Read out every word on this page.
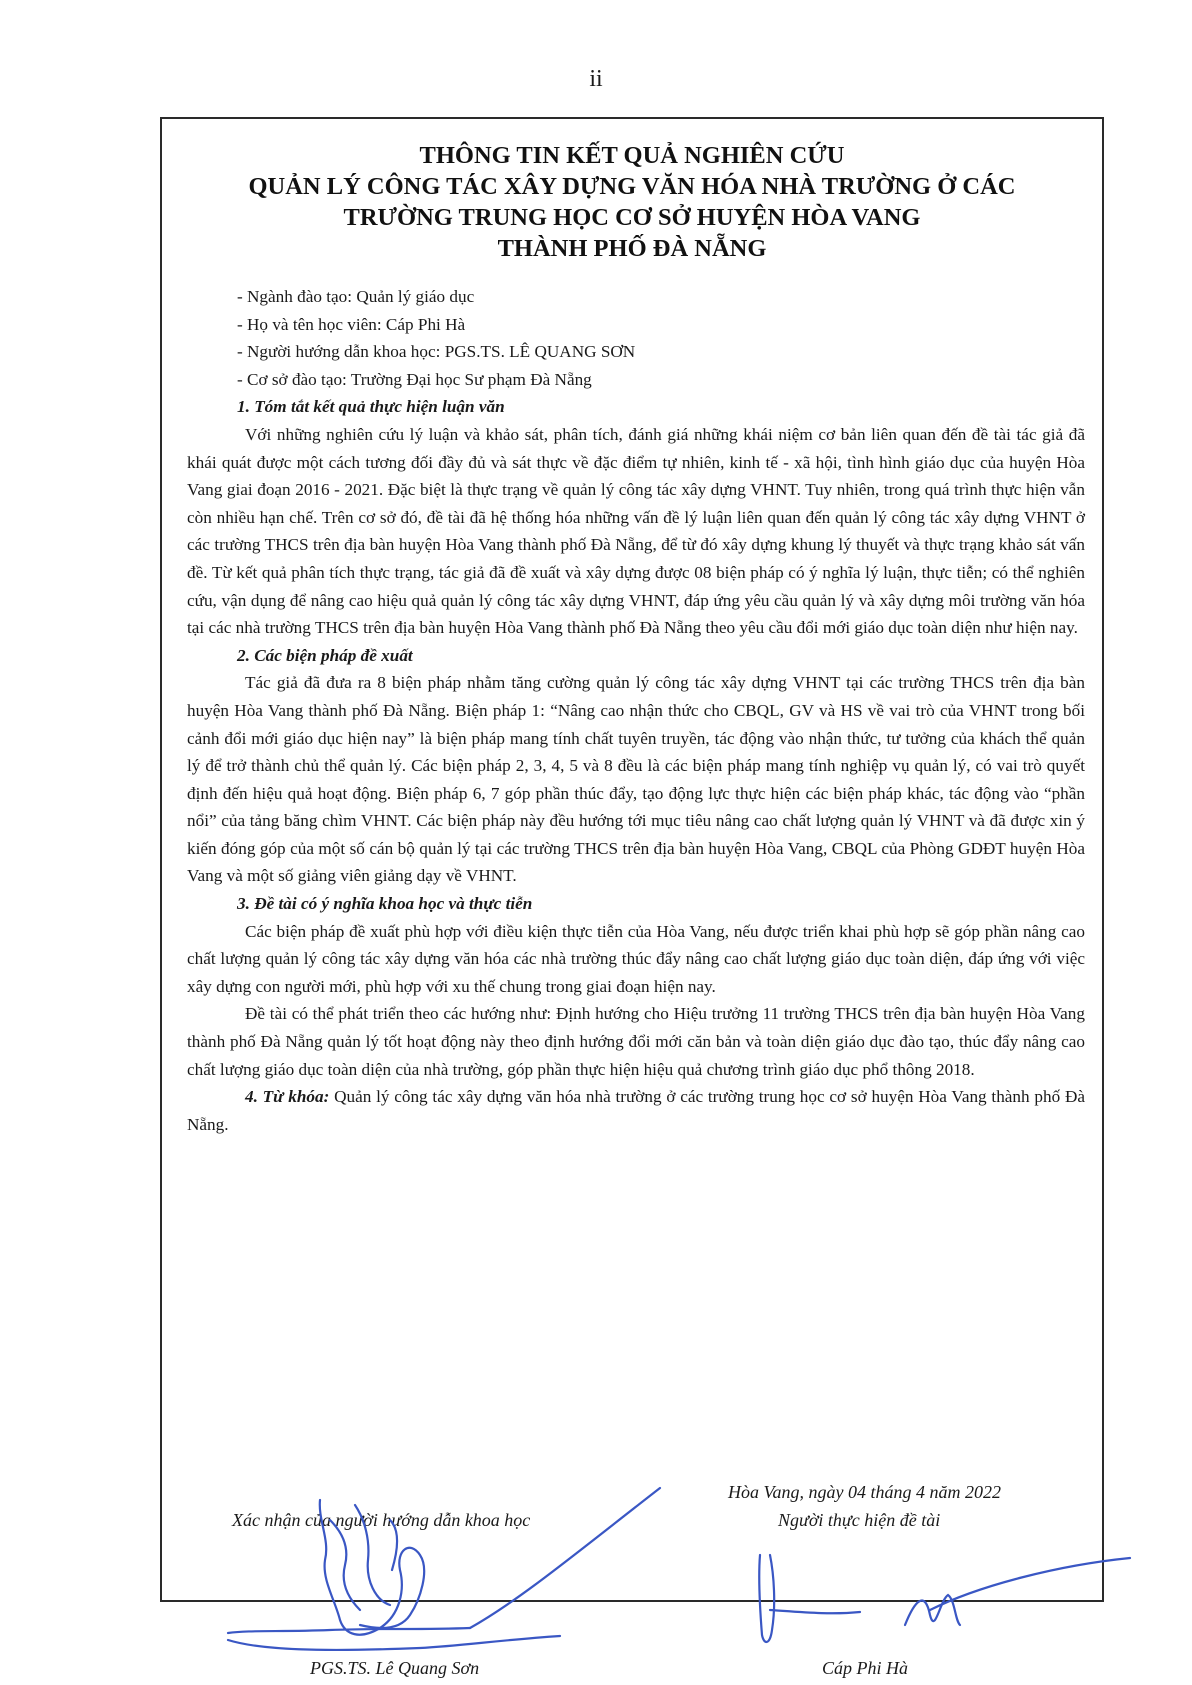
ii
THÔNG TIN KẾT QUẢ NGHIÊN CỨU
QUẢN LÝ CÔNG TÁC XÂY DỰNG VĂN HÓA NHÀ TRƯỜNG Ở CÁC
TRƯỜNG TRUNG HỌC CƠ SỞ HUYỆN HÒA VANG
THÀNH PHỐ ĐÀ NẴNG

- Ngành đào tạo: Quản lý giáo dục

- Họ và tên học viên: Cáp Phi Hà

- Người hướng dẫn khoa học: PGS.TS. LÊ QUANG SƠN

- Cơ sở đào tạo: Trường Đại học Sư phạm Đà Nẵng

1. Tóm tắt kết quả thực hiện luận văn

Với những nghiên cứu lý luận và khảo sát, phân tích, đánh giá những khái niệm cơ bản liên quan đến đề tài tác giả đã khái quát được một cách tương đối đầy đủ và sát thực về đặc điểm tự nhiên, kinh tế - xã hội, tình hình giáo dục của huyện Hòa Vang giai đoạn 2016 - 2021. Đặc biệt là thực trạng về quản lý công tác xây dựng VHNT. Tuy nhiên, trong quá trình thực hiện vẫn còn nhiều hạn chế. Trên cơ sở đó, đề tài đã hệ thống hóa những vấn đề lý luận liên quan đến quản lý công tác xây dựng VHNT ở các trường THCS trên địa bàn huyện Hòa Vang thành phố Đà Nẵng, để từ đó xây dựng khung lý thuyết và thực trạng khảo sát vấn đề. Từ kết quả phân tích thực trạng, tác giả đã đề xuất và xây dựng được 08 biện pháp có ý nghĩa lý luận, thực tiễn; có thể nghiên cứu, vận dụng để nâng cao hiệu quả quản lý công tác xây dựng VHNT, đáp ứng yêu cầu quản lý và xây dựng môi trường văn hóa tại các nhà trường THCS trên địa bàn huyện Hòa Vang thành phố Đà Nẵng theo yêu cầu đổi mới giáo dục toàn diện như hiện nay.

2. Các biện pháp đề xuất

Tác giả đã đưa ra 8 biện pháp nhằm tăng cường quản lý công tác xây dựng VHNT tại các trường THCS trên địa bàn huyện Hòa Vang thành phố Đà Nẵng. Biện pháp 1: “Nâng cao nhận thức cho CBQL, GV và HS về vai trò của VHNT trong bối cảnh đổi mới giáo dục hiện nay” là biện pháp mang tính chất tuyên truyền, tác động vào nhận thức, tư tưởng của khách thể quản lý để trở thành chủ thể quản lý. Các biện pháp 2, 3, 4, 5 và 8 đều là các biện pháp mang tính nghiệp vụ quản lý, có vai trò quyết định đến hiệu quả hoạt động. Biện pháp 6, 7 góp phần thúc đẩy, tạo động lực thực hiện các biện pháp khác, tác động vào “phần nổi” của tảng băng chìm VHNT. Các biện pháp này đều hướng tới mục tiêu nâng cao chất lượng quản lý VHNT và đã được xin ý kiến đóng góp của một số cán bộ quản lý tại các trường THCS trên địa bàn huyện Hòa Vang, CBQL của Phòng GDĐT huyện Hòa Vang và một số giảng viên giảng dạy về VHNT.

3. Đề tài có ý nghĩa khoa học và thực tiễn

Các biện pháp đề xuất phù hợp với điều kiện thực tiễn của Hòa Vang, nếu được triển khai phù hợp sẽ góp phần nâng cao chất lượng quản lý công tác xây dựng văn hóa các nhà trường thúc đẩy nâng cao chất lượng giáo dục toàn diện, đáp ứng với việc xây dựng con người mới, phù hợp với xu thế chung trong giai đoạn hiện nay.

Đề tài có thể phát triển theo các hướng như: Định hướng cho Hiệu trưởng 11 trường THCS trên địa bàn huyện Hòa Vang thành phố Đà Nẵng quản lý tốt hoạt động này theo định hướng đổi mới căn bản và toàn diện giáo dục đào tạo, thúc đẩy nâng cao chất lượng giáo dục toàn diện của nhà trường, góp phần thực hiện hiệu quả chương trình giáo dục phổ thông 2018.

4. Từ khóa: Quản lý công tác xây dựng văn hóa nhà trường ở các trường trung học cơ sở huyện Hòa Vang thành phố Đà Nẵng.

Hòa Vang, ngày 04 tháng 4 năm 2022
Xác nhận của người hướng dẫn khoa học	Người thực hiện đề tài
PGS.TS. Lê Quang Sơn	Cáp Phi Hà
